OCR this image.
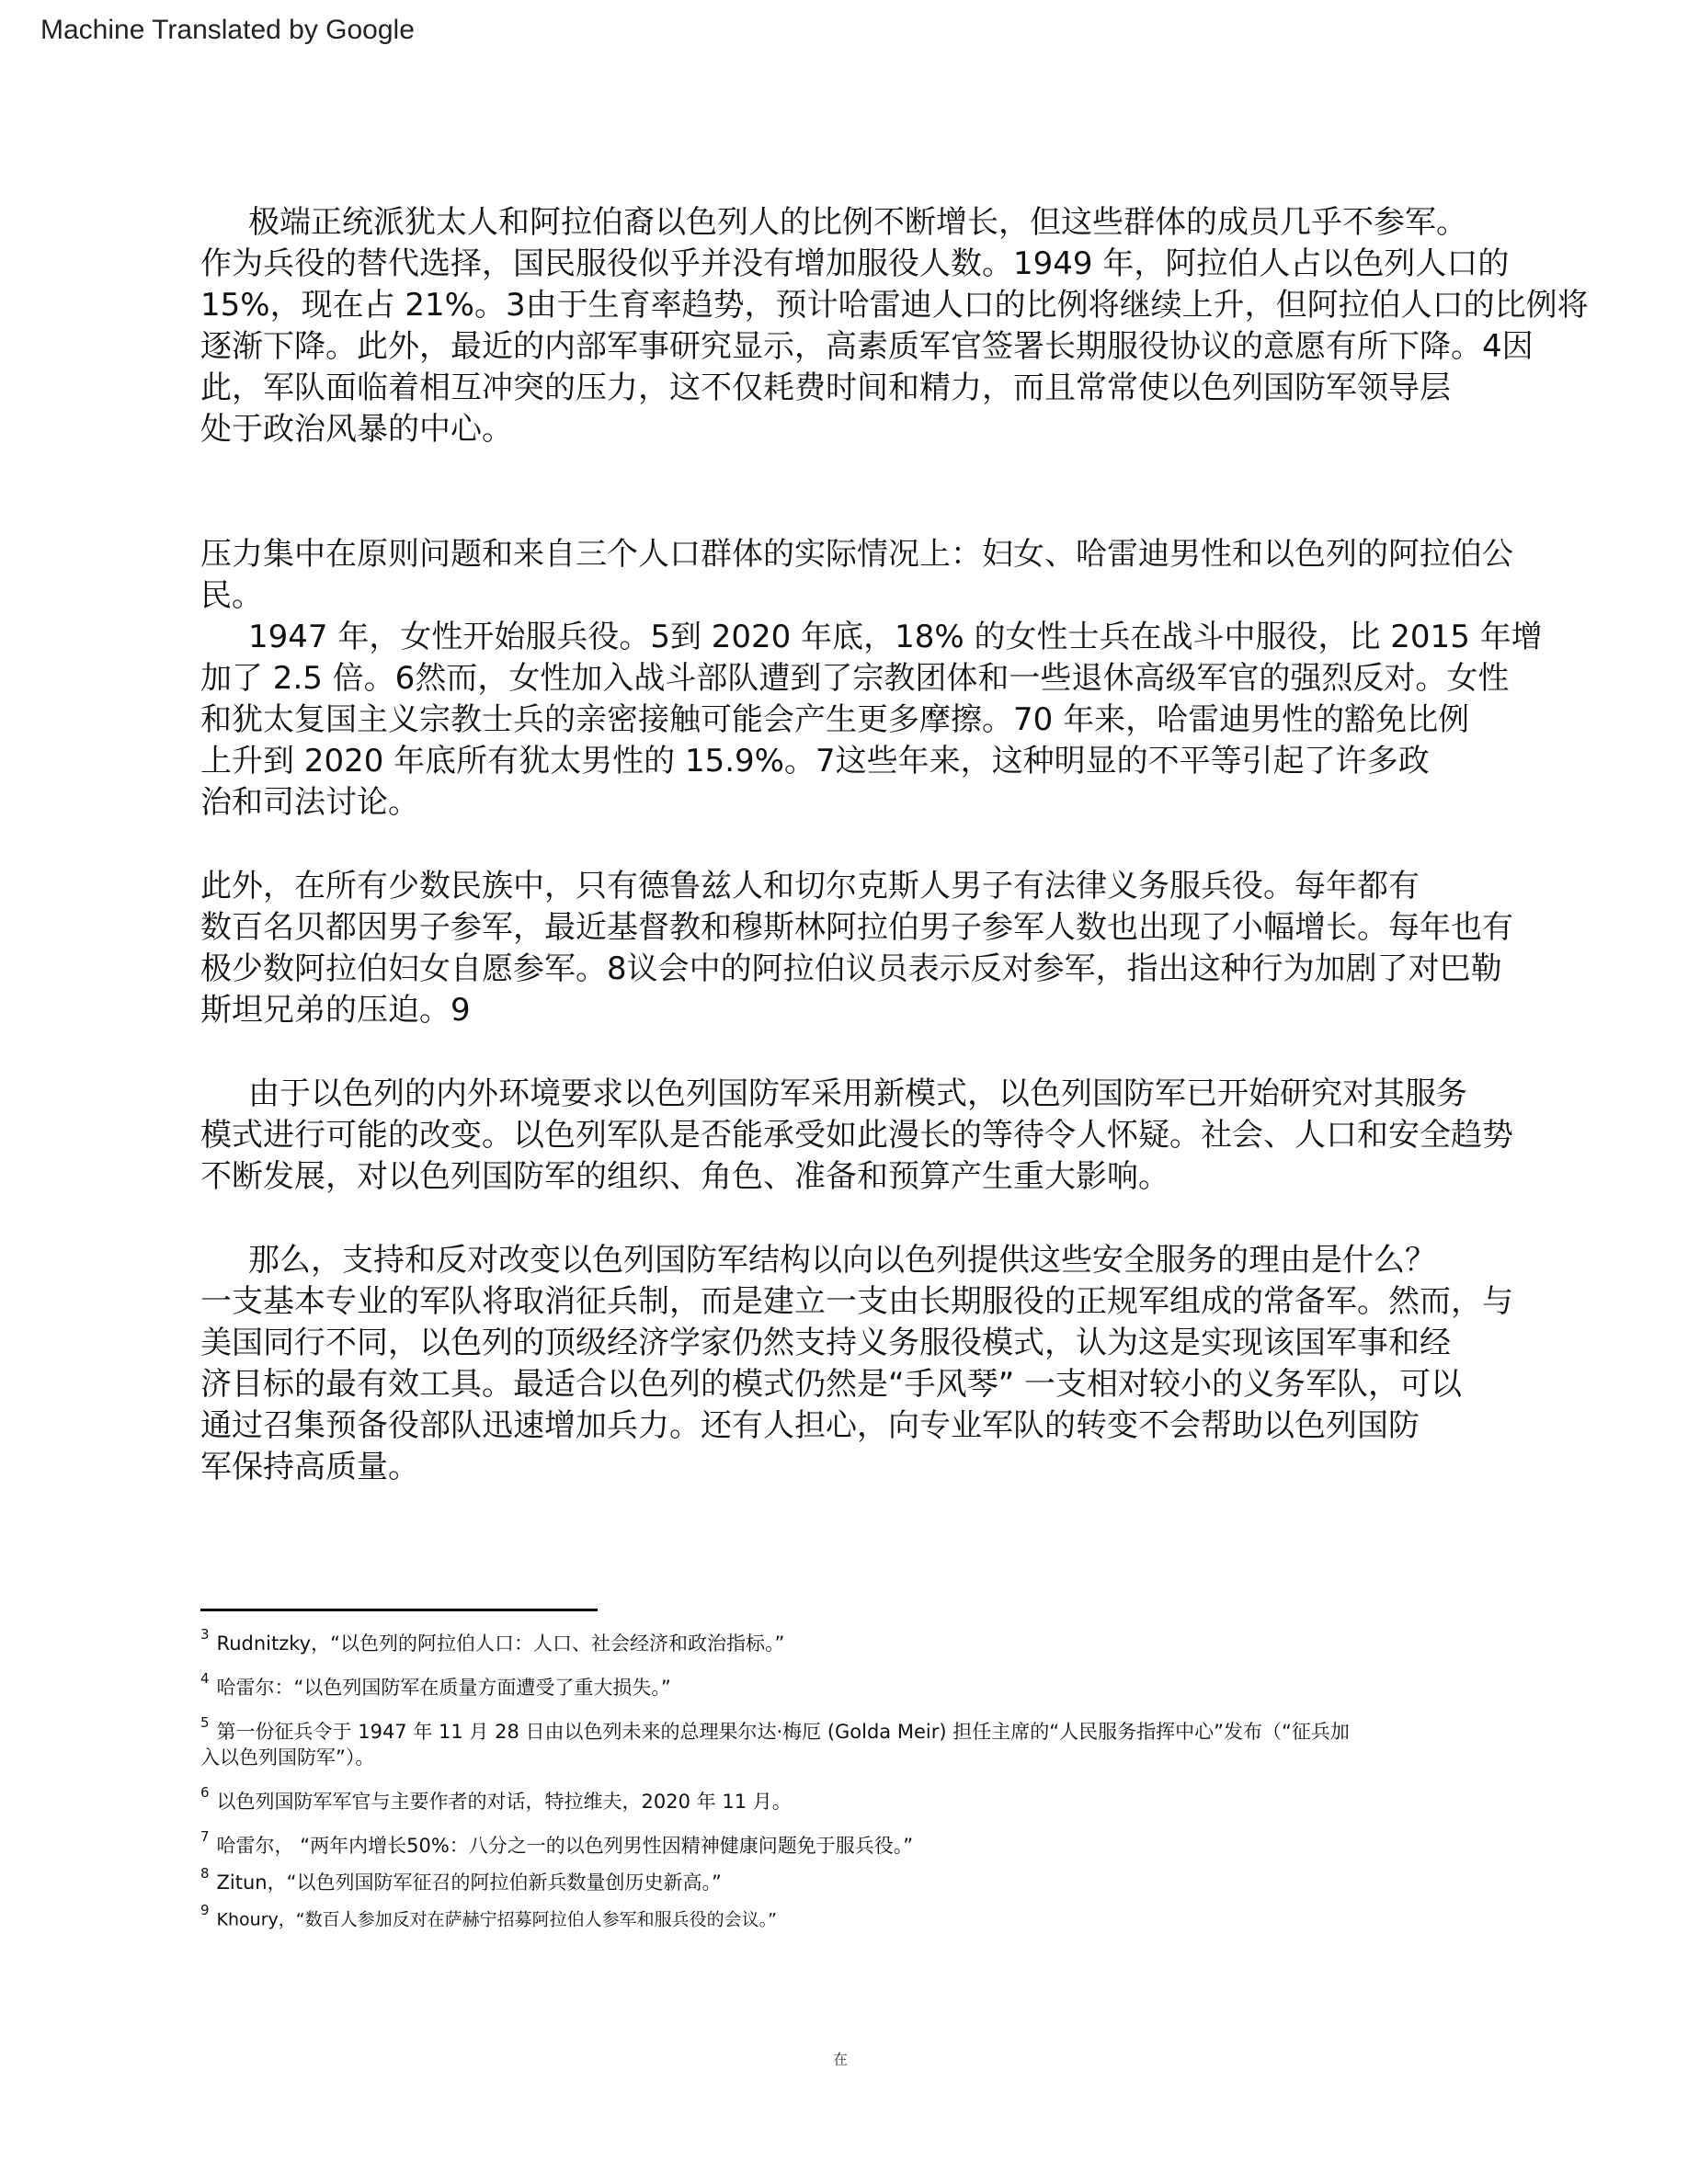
Machine Translated by Google
极端正统派犹太人和阿拉伯裔以色列人的比例不断增长，但这些群体的成员几乎不参军。
作为兵役的替代选择，国民服役似乎并没有增加服役人数。1949 年，阿拉伯人占以色列人口的
15%，现在占 21%。3由于生育率趋势，预计哈雷迪人口的比例将继续上升，但阿拉伯人口的比例将
逐渐下降。此外，最近的内部军事研究显示，高素质军官签署长期服役协议的意愿有所下降。4因
此，军队面临着相互冲突的压力，这不仅耗费时间和精力，而且常常使以色列国防军领导层
处于政治风暴的中心。
压力集中在原则问题和来自三个人口群体的实际情况上：妇女、哈雷迪男性和以色列的阿拉伯公
民。
1947 年，女性开始服兵役。5到 2020 年底，18% 的女性士兵在战斗中服役，比 2015 年增
加了 2.5 倍。6然而，女性加入战斗部队遭到了宗教团体和一些退休高级军官的强烈反对。女性
和犹太复国主义宗教士兵的亲密接触可能会产生更多摩擦。70 年来，哈雷迪男性的豁免比例
上升到 2020 年底所有犹太男性的 15.9%。7这些年来，这种明显的不平等引起了许多政
治和司法讨论。
此外，在所有少数民族中，只有德鲁兹人和切尔克斯人男子有法律义务服兵役。每年都有
数百名贝都因男子参军，最近基督教和穆斯林阿拉伯男子参军人数也出现了小幅增长。每年也有
极少数阿拉伯妇女自愿参军。8议会中的阿拉伯议员表示反对参军，指出这种行为加剧了对巴勒
斯坦兄弟的压迫。9
由于以色列的内外环境要求以色列国防军采用新模式，以色列国防军已开始研究对其服务
模式进行可能的改变。以色列军队是否能承受如此漫长的等待令人怀疑。社会、人口和安全趋势
不断发展，对以色列国防军的组织、角色、准备和预算产生重大影响。
那么，支持和反对改变以色列国防军结构以向以色列提供这些安全服务的理由是什么？
一支基本专业的军队将取消征兵制，而是建立一支由长期服役的正规军组成的常备军。然而，与
美国同行不同，以色列的顶级经济学家仍然支持义务服役模式，认为这是实现该国军事和经
济目标的最有效工具。最适合以色列的模式仍然是“手风琴” 一支相对较小的义务军队，可以
通过召集预备役部队迅速增加兵力。还有人担心，向专业军队的转变不会帮助以色列国防
军保持高质量。
$^3$ Rudnitzky，“以色列的阿拉伯人口：人口、社会经济和政治指标。”
$^4$ 哈雷尔：“以色列国防军在质量方面遭受了重大损失。”
$^5$ 第一份征兵令于 1947 年 11 月 28 日由以色列未来的总理果尔达·梅厄 (Golda Meir) 担任主席的“人民服务指挥中心”发布（“征兵加
入以色列国防军”）。
$^6$ 以色列国防军军官与主要作者的对话，特拉维夫，2020 年 11 月。
$^7$ 哈雷尔， “两年内增长50%：八分之一的以色列男性因精神健康问题免于服兵役。”
$^8$ Zitun，“以色列国防军征召的阿拉伯新兵数量创历史新高。”
$^9$ Khoury，“数百人参加反对在萨赫宁招募阿拉伯人参军和服兵役的会议。”
在
